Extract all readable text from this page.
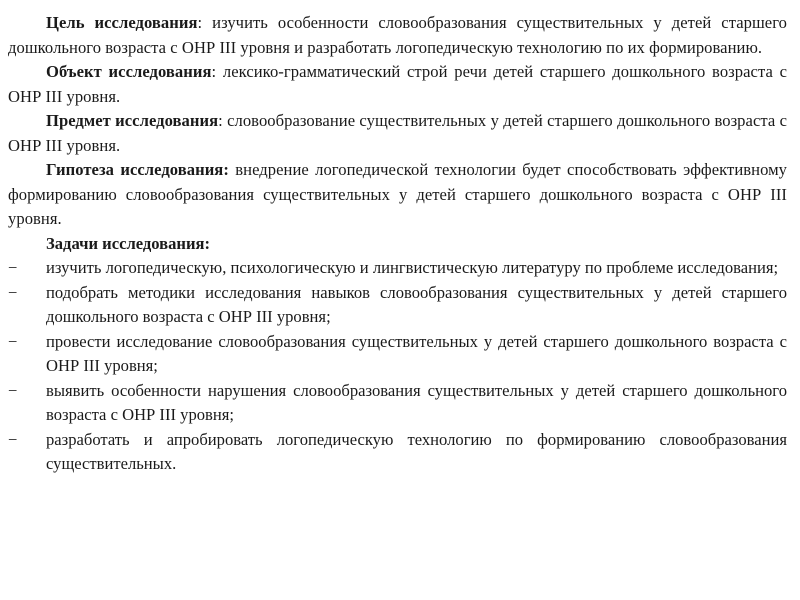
Цель исследования: изучить особенности словообразования существительных у детей старшего дошкольного возраста с ОНР III уровня и разработать логопедическую технологию по их формированию.

Объект исследования: лексико-грамматический строй речи детей старшего дошкольного возраста с ОНР III уровня.

Предмет исследования: словообразование существительных у детей старшего дошкольного возраста с ОНР III уровня.

Гипотеза исследования: внедрение логопедической технологии будет способствовать эффективному формированию словообразования существительных у детей старшего дошкольного возраста с ОНР III уровня.

Задачи исследования:

− изучить логопедическую, психологическую и лингвистическую литературу по проблеме исследования;
− подобрать методики исследования навыков словообразования существительных у детей старшего дошкольного возраста с ОНР III уровня;
− провести исследование словообразования существительных у детей старшего дошкольного возраста с ОНР III уровня;
− выявить особенности нарушения словообразования существительных у детей старшего дошкольного возраста с ОНР III уровня;
− разработать и апробировать логопедическую технологию по формированию словообразования существительных.
